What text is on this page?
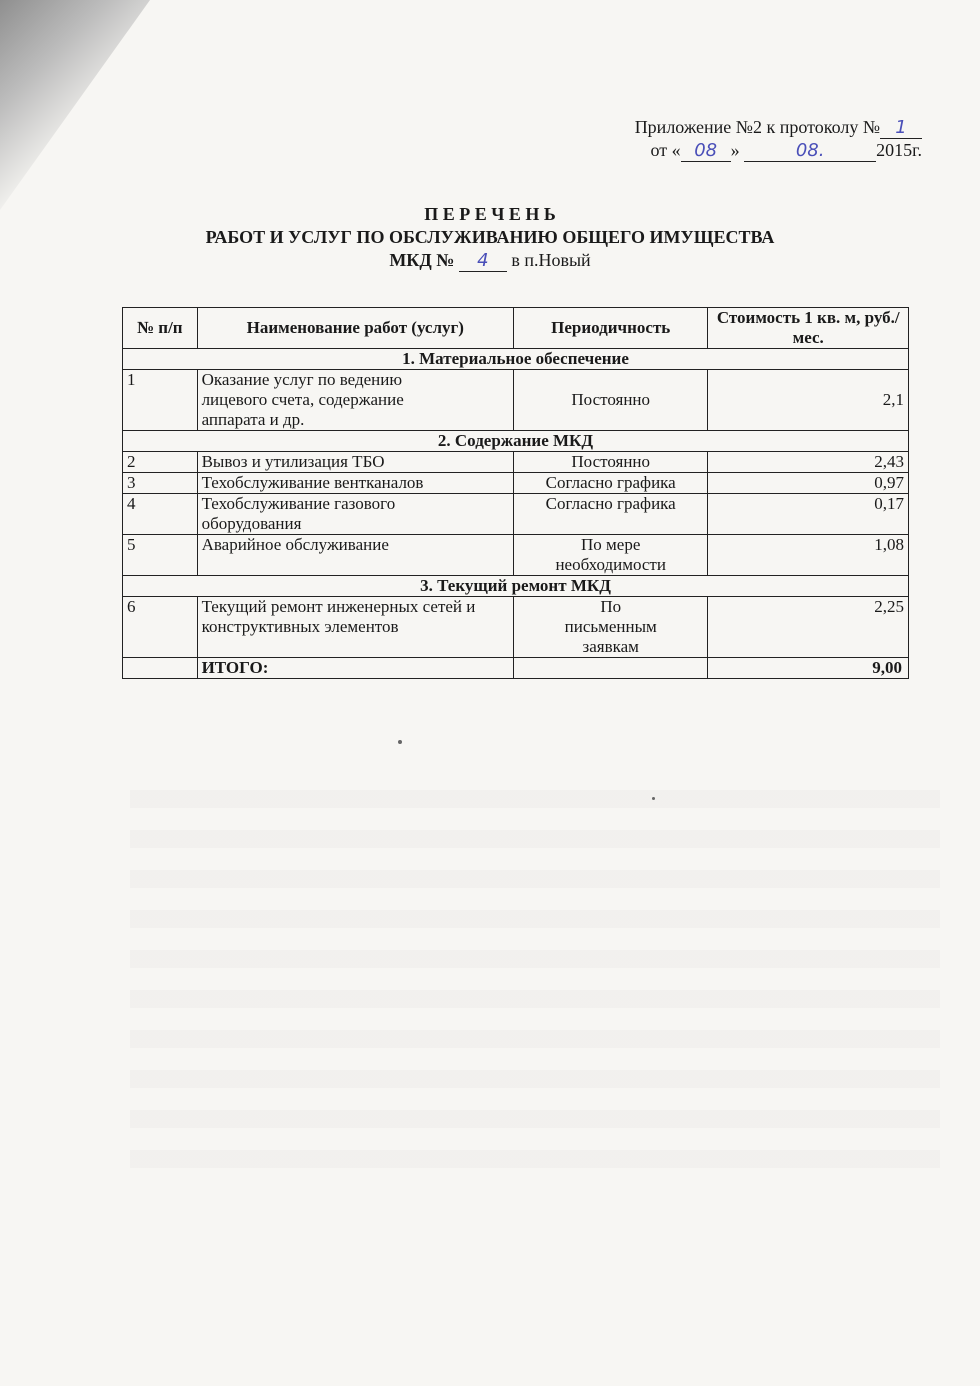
Приложение №2 к протоколу № 1
от « 08 »	08.	2015г.
П Е Р Е Ч Е Н Ь
РАБОТ И УСЛУГ ПО ОБСЛУЖИВАНИЮ ОБЩЕГО ИМУЩЕСТВА
МКД № 4 в п.Новый
№ п/п	Наименование работ (услуг)	Периодичность	Стоимость 1 кв. м, руб./мес.
1. Материальное обеспечение			
1	Оказание услуг по ведению лицевого счета, содержание аппарата и др.	Постоянно	2,1
2. Содержание МКД			
2	Вывоз и утилизация ТБО	Постоянно	2,43
3	Техобслуживание вентканалов	Согласно графика	0,97
4	Техобслуживание газового оборудования	Согласно графика	0,17
5	Аварийное обслуживание	По мере необходимости	1,08
3. Текущий ремонт МКД			
6	Текущий ремонт инженерных сетей и конструктивных элементов	По письменным заявкам	2,25
	ИТОГО:		9,00
